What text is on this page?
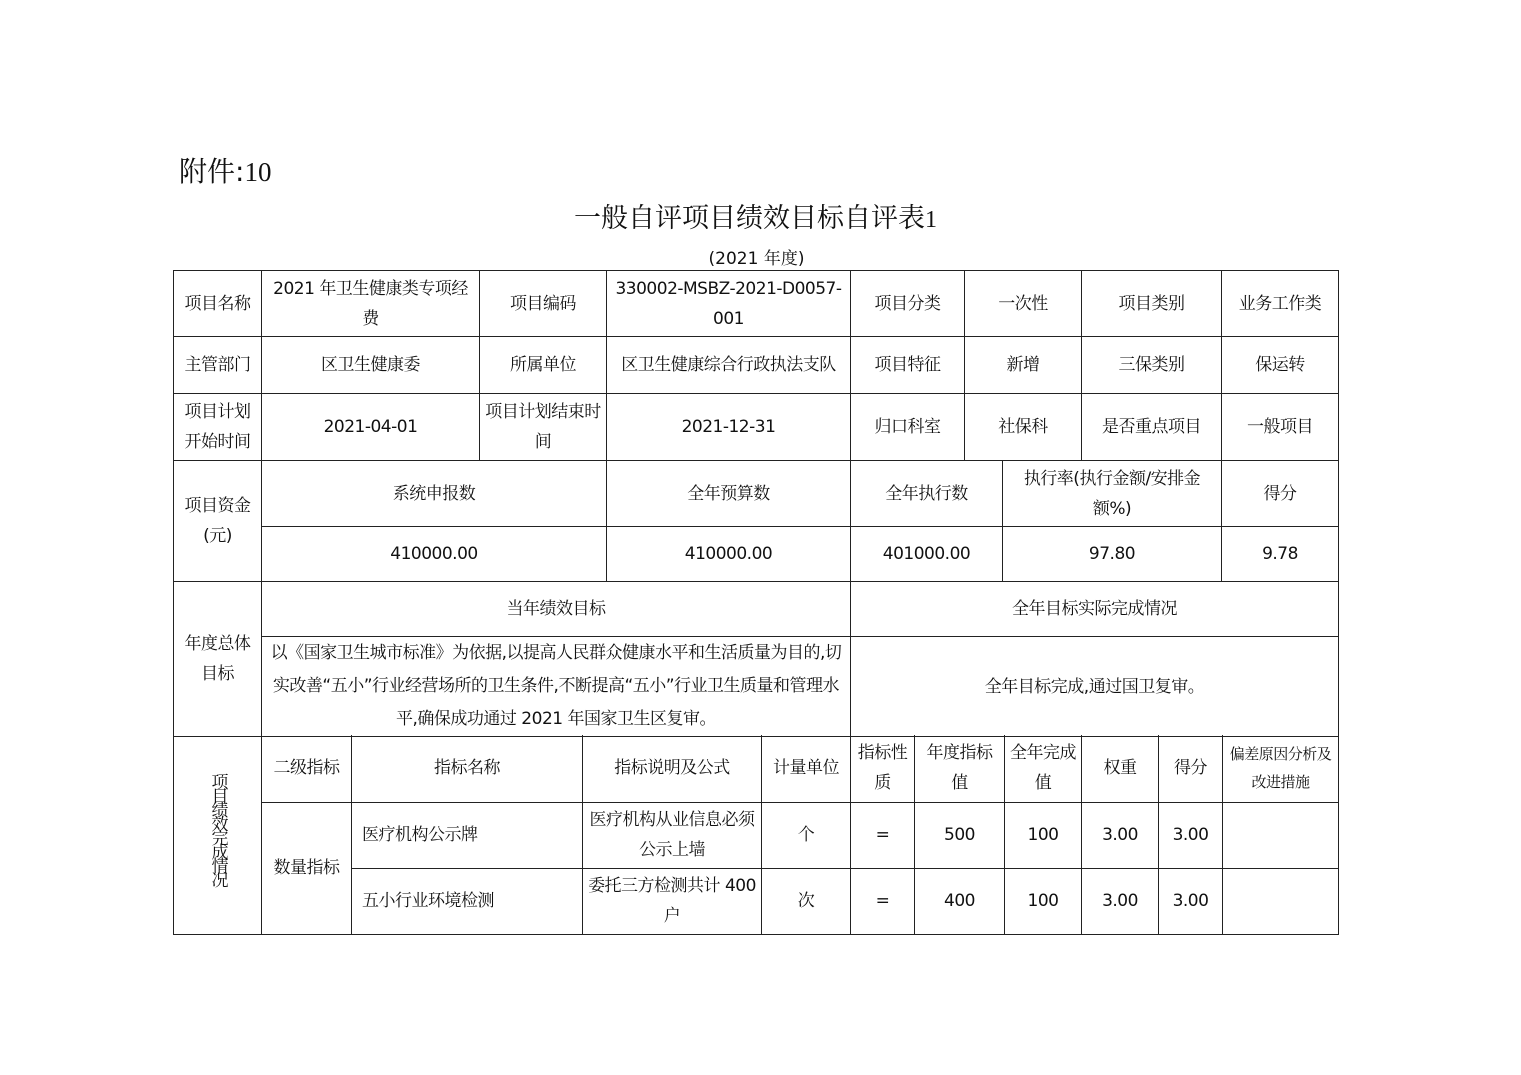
附件:10
一般自评项目绩效目标自评表1
(2021 年度)
项目名称	2021 年卫生健康类专项经费	项目编码	330002-MSBZ-2021-D0057-001	项目分类	一次性		项目类别	业务工作类
主管部门	区卫生健康委	所属单位	区卫生健康综合行政执法支队	项目特征	新增		三保类别	保运转
项目计划开始时间	2021-04-01	项目计划结束时间	2021-12-31	归口科室	社保科		是否重点项目	一般项目
项目资金(元)	系统申报数		全年预算数	全年执行数		执行率(执行金额/安排金额%)		得分
	410000.00		410000.00	401000.00		97.80		9.78
年度总体目标	当年绩效目标			全年目标实际完成情况				
	以《国家卫生城市标准》为依据,以提高人民群众健康水平和生活质量为目的,切实改善“五小”行业经营场所的卫生条件,不断提高“五小”行业卫生质量和管理水平,确保成功通过 2021 年国家卫生区复审。			全年目标完成,通过国卫复审。				
项目绩效完成情况	二级指标	指标名称	指标说明及公式	计量单位	指标性质	年度指标值	全年完成值	权重	得分	偏差原因分析及改进措施
	数量指标	医疗机构公示牌	医疗机构从业信息必须公示上墙	个	=	500	100	3.00	3.00	
		五小行业环境检测	委托三方检测共计 400 户	次	=	400	100	3.00	3.00	
